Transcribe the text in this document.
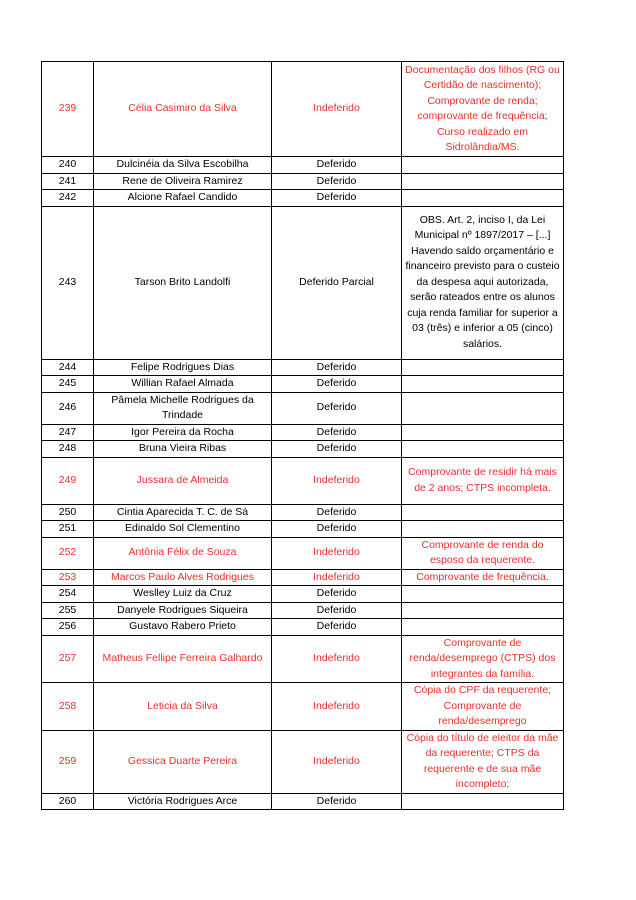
239	Célia Casimiro da Silva	Indeferido	Documentação dos filhos (RG ou Certidão de nascimento); Comprovante de renda; comprovante de frequência; Curso realizado em Sidrolândia/MS.
240	Dulcinéia da Silva Escobilha	Deferido	
241	Rene de Oliveira Ramirez	Deferido	
242	Alcione Rafael Candido	Deferido	
243	Tarson Brito Landolfi	Deferido Parcial	OBS. Art. 2, inciso I, da Lei Municipal nº 1897/2017 – [...] Havendo saldo orçamentário e financeiro previsto para o custeio da despesa aqui autorizada, serão rateados entre os alunos cuja renda familiar for superior a 03 (três) e inferior a 05 (cinco) salários.
244	Felipe Rodrigues Dias	Deferido	
245	Willian Rafael Almada	Deferido	
246	Pâmela Michelle Rodrigues da Trindade	Deferido	
247	Igor Pereira da Rocha	Deferido	
248	Bruna Vieira Ribas	Deferido	
249	Jussara de Almeida	Indeferido	Comprovante de residir há mais de 2 anos; CTPS incompleta.
250	Cintia Aparecida T. C. de Sá	Deferido	
251	Edinaldo Sol Clementino	Deferido	
252	Antônia Félix de Souza	Indeferido	Comprovante de renda do esposo da requerente.
253	Marcos Paulo Alves Rodrigues	Indeferido	Comprovante de frequência.
254	Weslley Luiz da Cruz	Deferido	
255	Danyele Rodrigues Siqueira	Deferido	
256	Gustavo Rabero Prieto	Deferido	
257	Matheus Fellipe Ferreira Galhardo	Indeferido	Comprovante de renda/desemprego (CTPS) dos integrantes da família.
258	Leticia da Silva	Indeferido	Cópia do CPF da requerente; Comprovante de renda/desemprego
259	Gessica Duarte Pereira	Indeferido	Cópia do título de eleitor da mãe da requerente; CTPS da requerente e de sua mãe incompleto;
260	Victória Rodrigues Arce	Deferido	
